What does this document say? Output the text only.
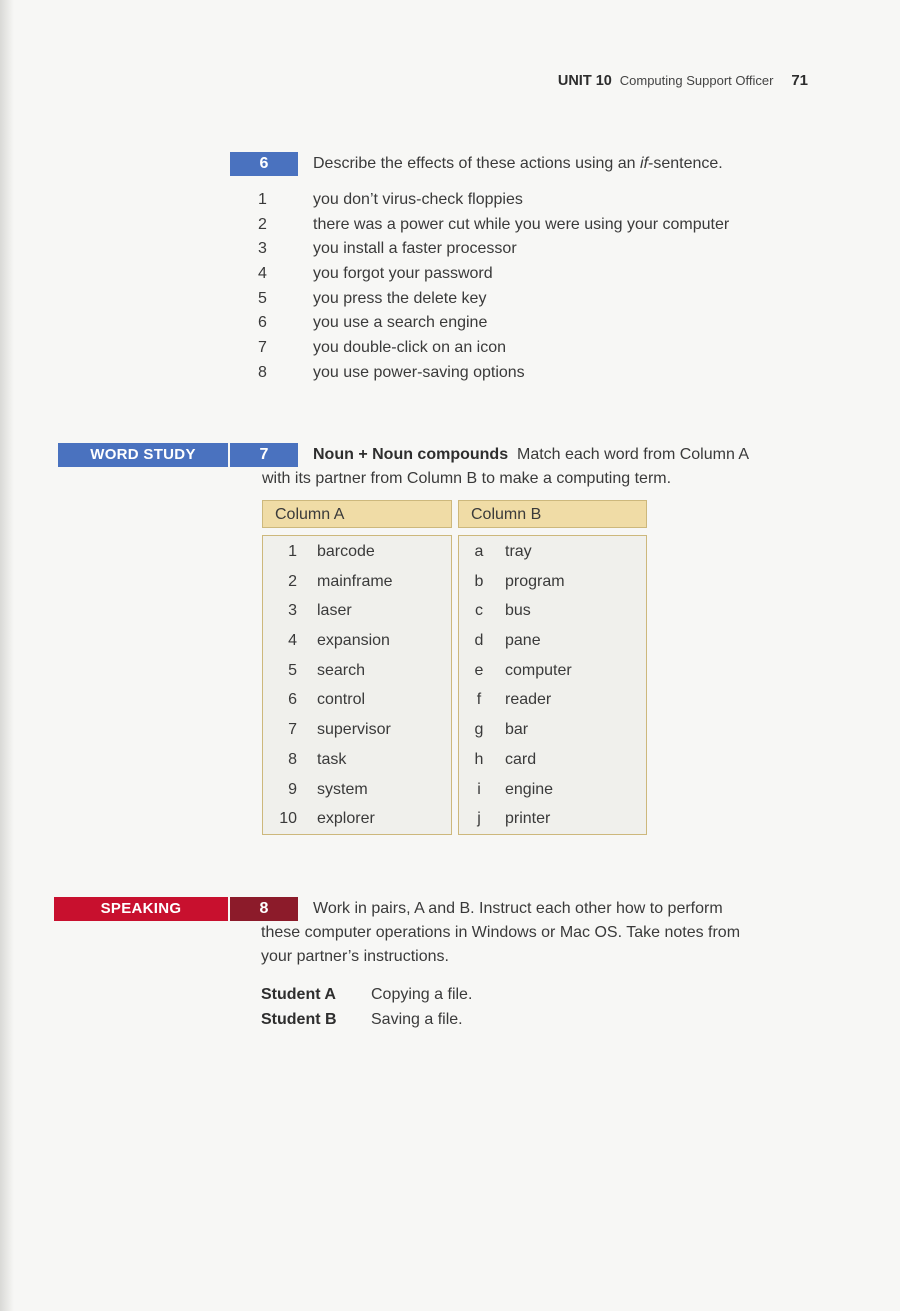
UNIT 10 Computing Support Officer 71
6	Describe the effects of these actions using an if-sentence.
1	you don’t virus-check floppies
2	there was a power cut while you were using your computer
3	you install a faster processor
4	you forgot your password
5	you press the delete key
6	you use a search engine
7	you double-click on an icon
8	you use power-saving options
WORD STUDY	7	Noun + Noun compounds Match each word from Column A
with its partner from Column B to make a computing term.
Column A	Column B
1 barcode
2 mainframe
3 laser
4 expansion
5 search
6 control
7 supervisor
8 task
9 system
10 explorer
a tray
b program
c bus
d pane
e computer
f reader
g bar
h card
i engine
j printer
SPEAKING	8	Work in pairs, A and B. Instruct each other how to perform
these computer operations in Windows or Mac OS. Take notes from
your partner’s instructions.
Student A Copying a file.
Student B Saving a file.
